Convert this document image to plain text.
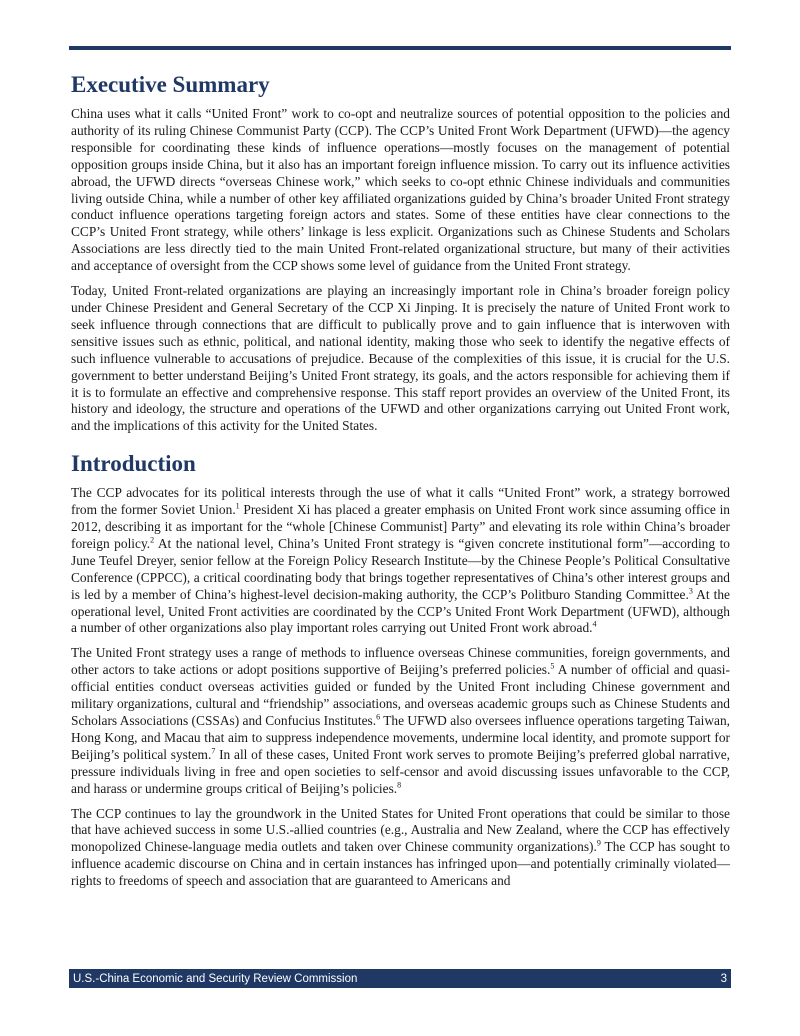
Executive Summary

China uses what it calls “United Front” work to co-opt and neutralize sources of potential opposition to the policies and authority of its ruling Chinese Communist Party (CCP). The CCP’s United Front Work Department (UFWD)—the agency responsible for coordinating these kinds of influence operations—mostly focuses on the management of potential opposition groups inside China, but it also has an important foreign influence mission. To carry out its influence activities abroad, the UFWD directs “overseas Chinese work,” which seeks to co-opt ethnic Chinese individuals and communities living outside China, while a number of other key affiliated organizations guided by China’s broader United Front strategy conduct influence operations targeting foreign actors and states. Some of these entities have clear connections to the CCP’s United Front strategy, while others’ linkage is less explicit. Organizations such as Chinese Students and Scholars Associations are less directly tied to the main United Front-related organizational structure, but many of their activities and acceptance of oversight from the CCP shows some level of guidance from the United Front strategy.

Today, United Front-related organizations are playing an increasingly important role in China’s broader foreign policy under Chinese President and General Secretary of the CCP Xi Jinping. It is precisely the nature of United Front work to seek influence through connections that are difficult to publically prove and to gain influence that is interwoven with sensitive issues such as ethnic, political, and national identity, making those who seek to identify the negative effects of such influence vulnerable to accusations of prejudice. Because of the complexities of this issue, it is crucial for the U.S. government to better understand Beijing’s United Front strategy, its goals, and the actors responsible for achieving them if it is to formulate an effective and comprehensive response. This staff report provides an overview of the United Front, its history and ideology, the structure and operations of the UFWD and other organizations carrying out United Front work, and the implications of this activity for the United States.

Introduction

The CCP advocates for its political interests through the use of what it calls “United Front” work, a strategy borrowed from the former Soviet Union.$^1$ President Xi has placed a greater emphasis on United Front work since assuming office in 2012, describing it as important for the “whole [Chinese Communist] Party” and elevating its role within China’s broader foreign policy.$^2$ At the national level, China’s United Front strategy is “given concrete institutional form”—according to June Teufel Dreyer, senior fellow at the Foreign Policy Research Institute—by the Chinese People’s Political Consultative Conference (CPPCC), a critical coordinating body that brings together representatives of China’s other interest groups and is led by a member of China’s highest-level decision-making authority, the CCP’s Politburo Standing Committee.$^3$ At the operational level, United Front activities are coordinated by the CCP’s United Front Work Department (UFWD), although a number of other organizations also play important roles carrying out United Front work abroad.$^4$

The United Front strategy uses a range of methods to influence overseas Chinese communities, foreign governments, and other actors to take actions or adopt positions supportive of Beijing’s preferred policies.$^5$ A number of official and quasi-official entities conduct overseas activities guided or funded by the United Front including Chinese government and military organizations, cultural and “friendship” associations, and overseas academic groups such as Chinese Students and Scholars Associations (CSSAs) and Confucius Institutes.$^6$ The UFWD also oversees influence operations targeting Taiwan, Hong Kong, and Macau that aim to suppress independence movements, undermine local identity, and promote support for Beijing’s political system.$^7$ In all of these cases, United Front work serves to promote Beijing’s preferred global narrative, pressure individuals living in free and open societies to self-censor and avoid discussing issues unfavorable to the CCP, and harass or undermine groups critical of Beijing’s policies.$^8$

The CCP continues to lay the groundwork in the United States for United Front operations that could be similar to those that have achieved success in some U.S.-allied countries (e.g., Australia and New Zealand, where the CCP has effectively monopolized Chinese-language media outlets and taken over Chinese community organizations).$^9$ The CCP has sought to influence academic discourse on China and in certain instances has infringed upon—and potentially criminally violated—rights to freedoms of speech and association that are guaranteed to Americans and

U.S.-China Economic and Security Review Commission	3
